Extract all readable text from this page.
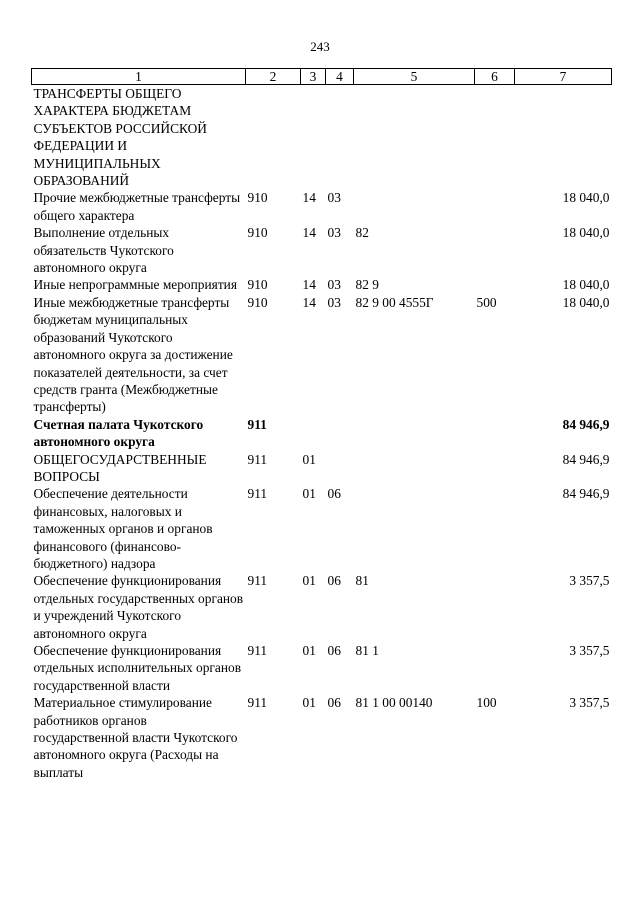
243
1	2	3	4	5	6	7
ТРАНСФЕРТЫ ОБЩЕГО ХАРАКТЕРА БЮДЖЕТАМ СУБЪЕКТОВ РОССИЙСКОЙ ФЕДЕРАЦИИ И МУНИЦИПАЛЬНЫХ ОБРАЗОВАНИЙ						
Прочие межбюджетные трансферты общего характера	910	14	03			18 040,0
Выполнение отдельных обязательств Чукотского автономного округа	910	14	03	82		18 040,0
Иные непрограммные мероприятия	910	14	03	82 9		18 040,0
Иные межбюджетные трансферты бюджетам муниципальных образований Чукотского автономного округа за достижение показателей деятельности, за счет средств гранта (Межбюджетные трансферты)	910	14	03	82 9 00 4555Г	500	18 040,0
Счетная палата Чукотского автономного округа	911					84 946,9
ОБЩЕГОСУДАРСТВЕННЫЕ ВОПРОСЫ	911	01				84 946,9
Обеспечение деятельности финансовых, налоговых и таможенных органов и органов финансового (финансово-бюджетного) надзора	911	01	06			84 946,9
Обеспечение функционирования отдельных государственных органов и учреждений Чукотского автономного округа	911	01	06	81		3 357,5
Обеспечение функционирования отдельных исполнительных органов государственной власти	911	01	06	81 1		3 357,5
Материальное стимулирование работников органов государственной власти Чукотского автономного округа (Расходы на выплаты	911	01	06	81 1 00 00140	100	3 357,5
